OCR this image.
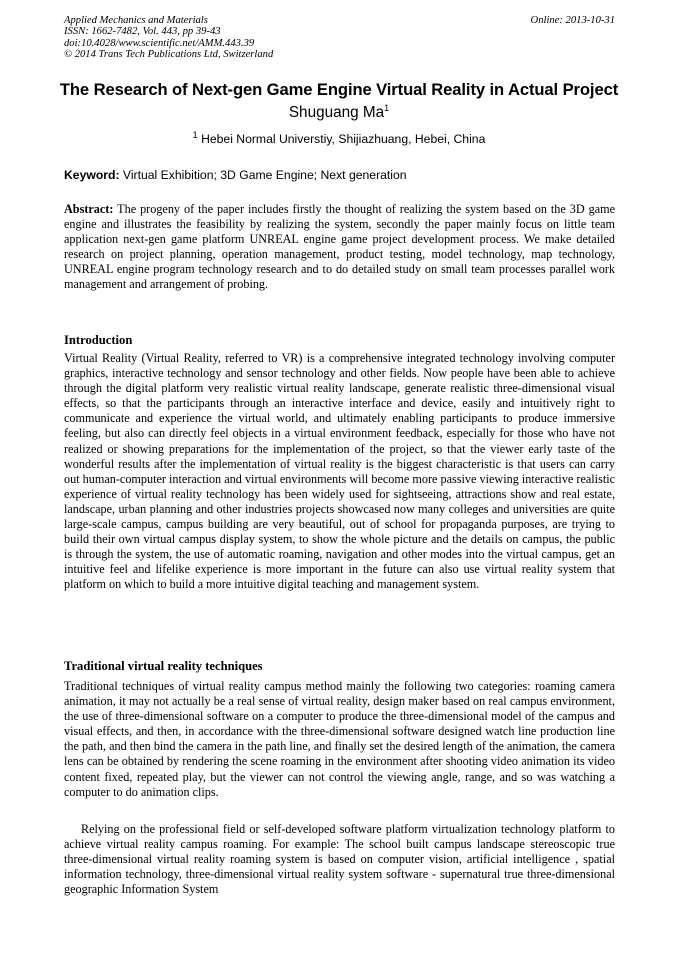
Applied Mechanics and Materials
ISSN: 1662-7482, Vol. 443, pp 39-43
doi:10.4028/www.scientific.net/AMM.443.39
© 2014 Trans Tech Publications Ltd, Switzerland
Online: 2013-10-31
The Research of Next-gen Game Engine Virtual Reality in Actual Project
Shuguang Ma$^1$
$^1$ Hebei Normal Universtiy, Shijiazhuang, Hebei, China
Keyword: Virtual Exhibition; 3D Game Engine; Next generation
Abstract: The progeny of the paper includes firstly the thought of realizing the system based on the 3D game engine and illustrates the feasibility by realizing the system, secondly the paper mainly focus on little team application next-gen game platform UNREAL engine game project development process. We make detailed research on project planning, operation management, product testing, model technology, map technology, UNREAL engine program technology research and to do detailed study on small team processes parallel work management and arrangement of probing.
Introduction
Virtual Reality (Virtual Reality, referred to VR) is a comprehensive integrated technology involving computer graphics, interactive technology and sensor technology and other fields. Now people have been able to achieve through the digital platform very realistic virtual reality landscape, generate realistic three-dimensional visual effects, so that the participants through an interactive interface and device, easily and intuitively right to communicate and experience the virtual world, and ultimately enabling participants to produce immersive feeling, but also can directly feel objects in a virtual environment feedback, especially for those who have not realized or showing preparations for the implementation of the project, so that the viewer early taste of the wonderful results after the implementation of virtual reality is the biggest characteristic is that users can carry out human-computer interaction and virtual environments will become more passive viewing interactive realistic experience of virtual reality technology has been widely used for sightseeing, attractions show and real estate, landscape, urban planning and other industries projects showcased now many colleges and universities are quite large-scale campus, campus building are very beautiful, out of school for propaganda purposes, are trying to build their own virtual campus display system, to show the whole picture and the details on campus, the public is through the system, the use of automatic roaming, navigation and other modes into the virtual campus, get an intuitive feel and lifelike experience is more important in the future can also use virtual reality system that platform on which to build a more intuitive digital teaching and management system.
Traditional virtual reality techniques
Traditional techniques of virtual reality campus method mainly the following two categories: roaming camera animation, it may not actually be a real sense of virtual reality, design maker based on real campus environment, the use of three-dimensional software on a computer to produce the three-dimensional model of the campus and visual effects, and then, in accordance with the three-dimensional software designed watch line production line the path, and then bind the camera in the path line, and finally set the desired length of the animation, the camera lens can be obtained by rendering the scene roaming in the environment after shooting video animation its video content fixed, repeated play, but the viewer can not control the viewing angle, range, and so was watching a computer to do animation clips.
Relying on the professional field or self-developed software platform virtualization technology platform to achieve virtual reality campus roaming. For example: The school built campus landscape stereoscopic true three-dimensional virtual reality roaming system is based on computer vision, artificial intelligence , spatial information technology, three-dimensional virtual reality system software - supernatural true three-dimensional geographic Information System
